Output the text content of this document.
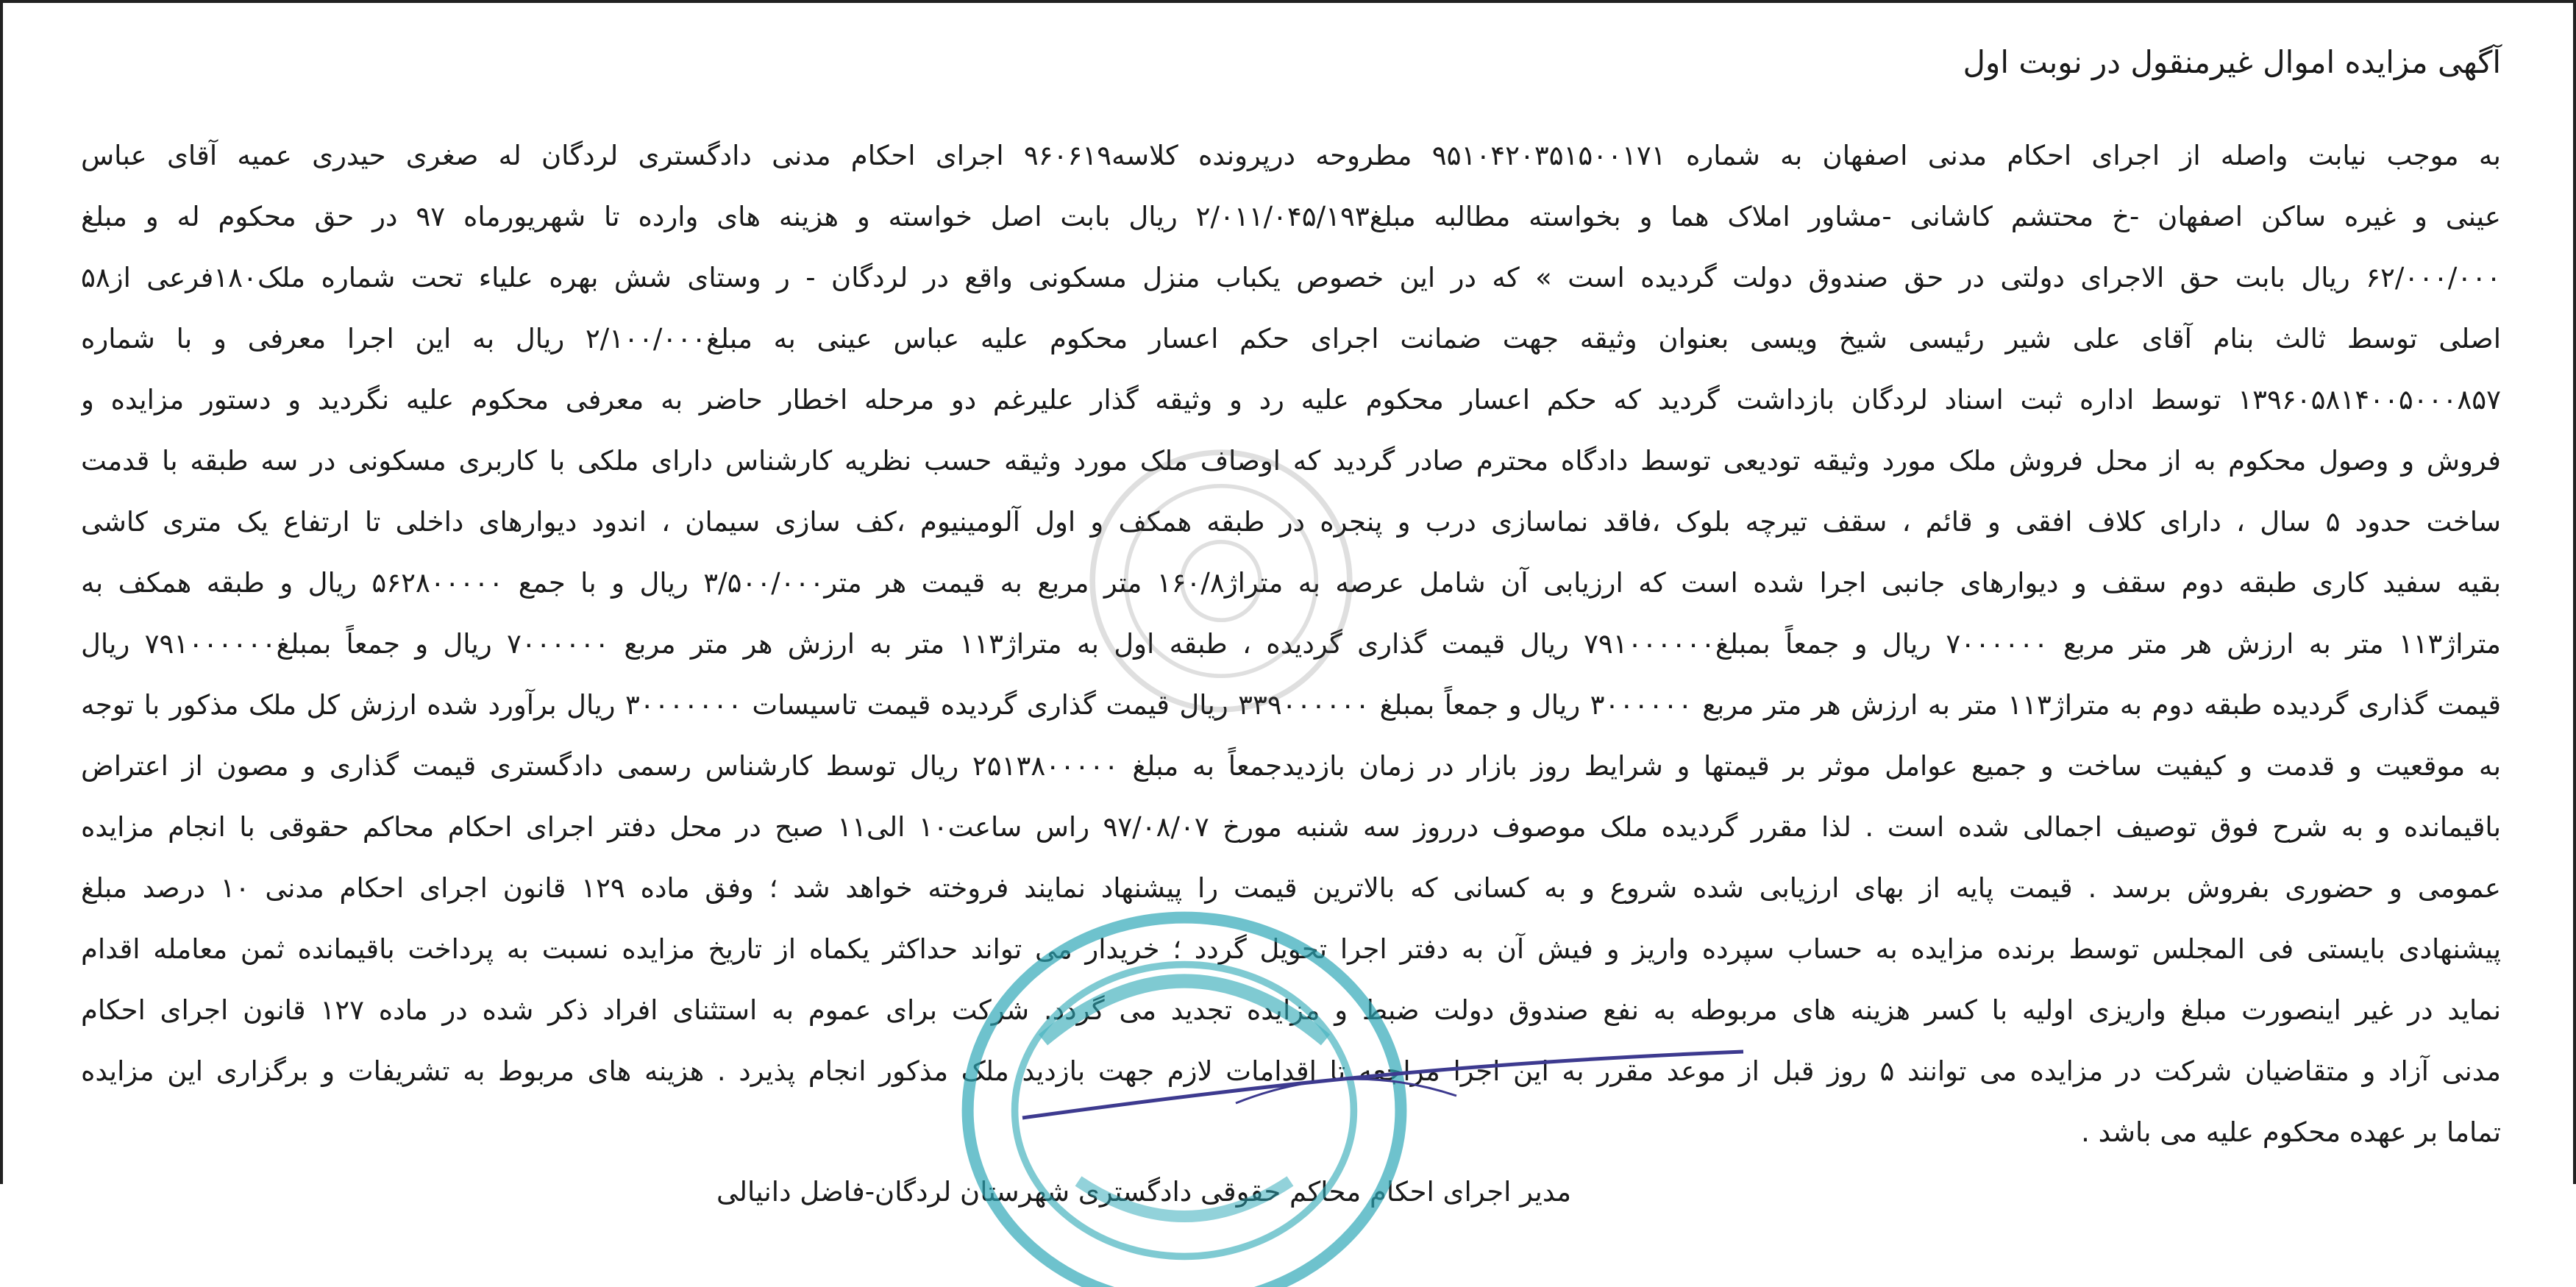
آگهی مزایده اموال غیرمنقول در نوبت اول
به موجب نیابت واصله از اجرای احکام مدنی اصفهان به شماره ۹۵۱۰۴۲۰۳۵۱۵۰۰۱۷۱ مطروحه درپرونده کلاسه۹۶۰۶۱۹ اجرای احکام مدنی دادگستری لردگان له صغری حیدری عمیه آقای عباس
عینی و غیره ساکن اصفهان -خ محتشم کاشانی -مشاور املاک هما و بخواسته مطالبه مبلغ۲/۰۱۱/۰۴۵/۱۹۳ ریال بابت اصل خواسته و هزینه های وارده تا شهریورماه ۹۷ در حق محکوم له و مبلغ
۶۲/۰۰۰/۰۰۰ ریال بابت حق الاجرای دولتی در حق صندوق دولت گردیده است » که در این خصوص یکباب منزل مسکونی واقع در لردگان - ر وستای شش بهره علیاء تحت شماره ملک۱۸۰فرعی از۵۸
اصلی توسط ثالث بنام آقای علی شیر رئیسی شیخ ویسی بعنوان وثیقه جهت ضمانت اجرای حکم اعسار محکوم علیه عباس عینی به مبلغ۲/۱۰۰/۰۰۰ ریال به این اجرا معرفی و با شماره
۱۳۹۶۰۵۸۱۴۰۰۵۰۰۰۸۵۷ توسط اداره ثبت اسناد لردگان بازداشت گردید که حکم اعسار محکوم علیه رد و وثیقه گذار علیرغم دو مرحله اخطار حاضر به معرفی محکوم علیه نگردید و دستور مزایده و
فروش و وصول محکوم به از محل فروش ملک مورد وثیقه تودیعی توسط دادگاه محترم صادر گردید که اوصاف ملک مورد وثیقه حسب نظریه کارشناس دارای ملکی با کاربری مسکونی در سه طبقه با قدمت
ساخت حدود ۵ سال ، دارای کلاف افقی و قائم ، سقف تیرچه بلوک ،فاقد نماسازی درب و پنجره در طبقه همکف و اول آلومینیوم ،کف سازی سیمان ، اندود دیوارهای داخلی تا ارتفاع یک متری کاشی
بقیه سفید کاری طبقه دوم سقف و دیوارهای جانبی اجرا شده است که ارزیابی آن شامل عرصه به متراژ۱۶۰/۸ متر مربع به قیمت هر متر۳/۵۰۰/۰۰۰ ریال و با جمع ۵۶۲۸۰۰۰۰۰ ریال و طبقه همکف به
متراژ۱۱۳ متر به ارزش هر متر مربع ۷۰۰۰۰۰۰ ریال و جمعاً بمبلغ۷۹۱۰۰۰۰۰۰ ریال قیمت گذاری گردیده ، طبقه اول به متراژ۱۱۳ متر به ارزش هر متر مربع ۷۰۰۰۰۰۰ ریال و جمعاً بمبلغ۷۹۱۰۰۰۰۰۰ ریال
قیمت گذاری گردیده طبقه دوم به متراژ۱۱۳ متر به ارزش هر متر مربع ۳۰۰۰۰۰۰ ریال و جمعاً بمبلغ ۳۳۹۰۰۰۰۰۰ ریال قیمت گذاری گردیده قیمت تاسیسات ۳۰۰۰۰۰۰۰ ریال برآورد شده ارزش کل ملک مذکور با توجه
به موقعیت و قدمت و کیفیت ساخت و جمیع عوامل موثر بر قیمتها و شرایط روز بازار در زمان بازدیدجمعاً به مبلغ ۲۵۱۳۸۰۰۰۰۰ ریال توسط کارشناس رسمی دادگستری قیمت گذاری و مصون از اعتراض
باقیمانده و به شرح فوق توصیف اجمالی شده است . لذا مقرر گردیده ملک موصوف درروز سه شنبه مورخ ۹۷/۰۸/۰۷ راس ساعت۱۰ الی۱۱ صبح در محل دفتر اجرای احکام محاکم حقوقی با انجام مزایده
عمومی و حضوری بفروش برسد . قیمت پایه از بهای ارزیابی شده شروع و به کسانی که بالاترین قیمت را پیشنهاد نمایند فروخته خواهد شد ؛ وفق ماده ۱۲۹ قانون اجرای احکام مدنی ۱۰ درصد مبلغ
پیشنهادی بایستی فی المجلس توسط برنده مزایده به حساب سپرده واریز و فیش آن به دفتر اجرا تحویل گردد ؛ خریدار می تواند حداکثر یکماه از تاریخ مزایده نسبت به پرداخت باقیمانده ثمن معامله اقدام
نماید در غیر اینصورت مبلغ واریزی اولیه با کسر هزینه های مربوطه به نفع صندوق دولت ضبط و مزایده تجدید می گردد. شرکت برای عموم به استثنای افراد ذکر شده در ماده ۱۲۷ قانون اجرای احکام
مدنی آزاد و متقاضیان شرکت در مزایده می توانند ۵ روز قبل از موعد مقرر به این اجرا مراجعه تا اقدامات لازم جهت بازدید ملک مذکور انجام پذیرد . هزینه های مربوط به تشریفات و برگزاری این مزایده
تماما بر عهده محکوم علیه می باشد .
مدیر اجرای احکام محاکم حقوقی دادگستری شهرستان لردگان-فاضل دانیالی
